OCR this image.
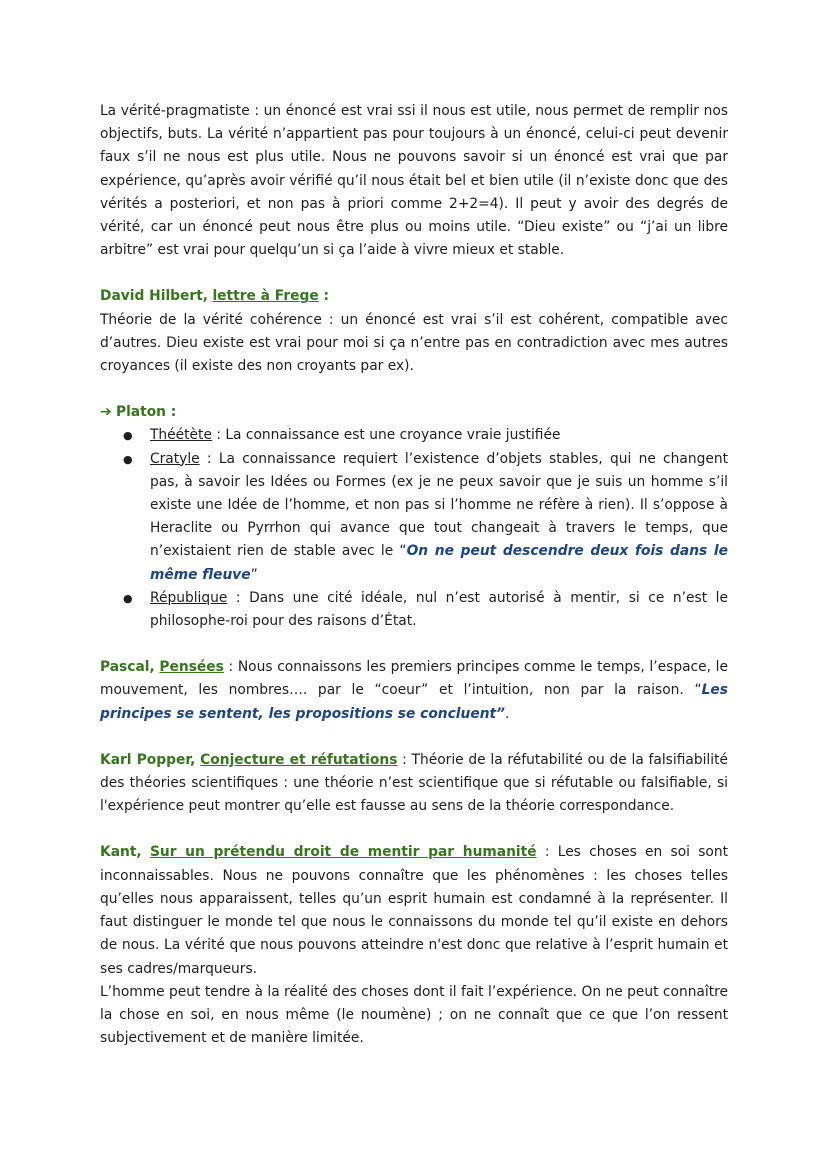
La vérité-pragmatiste : un énoncé est vrai ssi il nous est utile, nous permet de remplir nos objectifs, buts. La vérité n’appartient pas pour toujours à un énoncé, celui-ci peut devenir faux s’il ne nous est plus utile. Nous ne pouvons savoir si un énoncé est vrai que par expérience, qu’après avoir vérifié qu’il nous était bel et bien utile (il n’existe donc que des vérités a posteriori, et non pas à priori comme 2+2=4). Il peut y avoir des degrés de vérité, car un énoncé peut nous être plus ou moins utile. “Dieu existe” ou “j’ai un libre arbitre” est vrai pour quelqu’un si ça l’aide à vivre mieux et stable.

David Hilbert, lettre à Frege :

Théorie de la vérité cohérence : un énoncé est vrai s’il est cohérent, compatible avec d’autres. Dieu existe est vrai pour moi si ça n’entre pas en contradiction avec mes autres croyances (il existe des non croyants par ex).

➔ Platon :

● Théétète : La connaissance est une croyance vraie justifiée
● Cratyle : La connaissance requiert l’existence d’objets stables, qui ne changent pas, à savoir les Idées ou Formes (ex je ne peux savoir que je suis un homme s’il existe une Idée de l’homme, et non pas si l’homme ne réfère à rien). Il s’oppose à Heraclite ou Pyrrhon qui avance que tout changeait à travers le temps, que n’existaient rien de stable avec le “On ne peut descendre deux fois dans le même fleuve”
● République : Dans une cité idéale, nul n’est autorisé à mentir, si ce n’est le philosophe-roi pour des raisons d’État.

Pascal, Pensées : Nous connaissons les premiers principes comme le temps, l’espace, le mouvement, les nombres…. par le “coeur” et l’intuition, non par la raison. “Les principes se sentent, les propositions se concluent”.

Karl Popper, Conjecture et réfutations : Théorie de la réfutabilité ou de la falsifiabilité des théories scientifiques : une théorie n’est scientifique que si réfutable ou falsifiable, si l'expérience peut montrer qu’elle est fausse au sens de la théorie correspondance.

Kant, Sur un prétendu droit de mentir par humanité : Les choses en soi sont inconnaissables. Nous ne pouvons connaître que les phénomènes : les choses telles qu’elles nous apparaissent, telles qu’un esprit humain est condamné à la représenter. Il faut distinguer le monde tel que nous le connaissons du monde tel qu’il existe en dehors de nous. La vérité que nous pouvons atteindre n'est donc que relative à l’esprit humain et ses cadres/marqueurs.

L’homme peut tendre à la réalité des choses dont il fait l’expérience. On ne peut connaître la chose en soi, en nous même (le noumène) ; on ne connaît que ce que l’on ressent subjectivement et de manière limitée.
